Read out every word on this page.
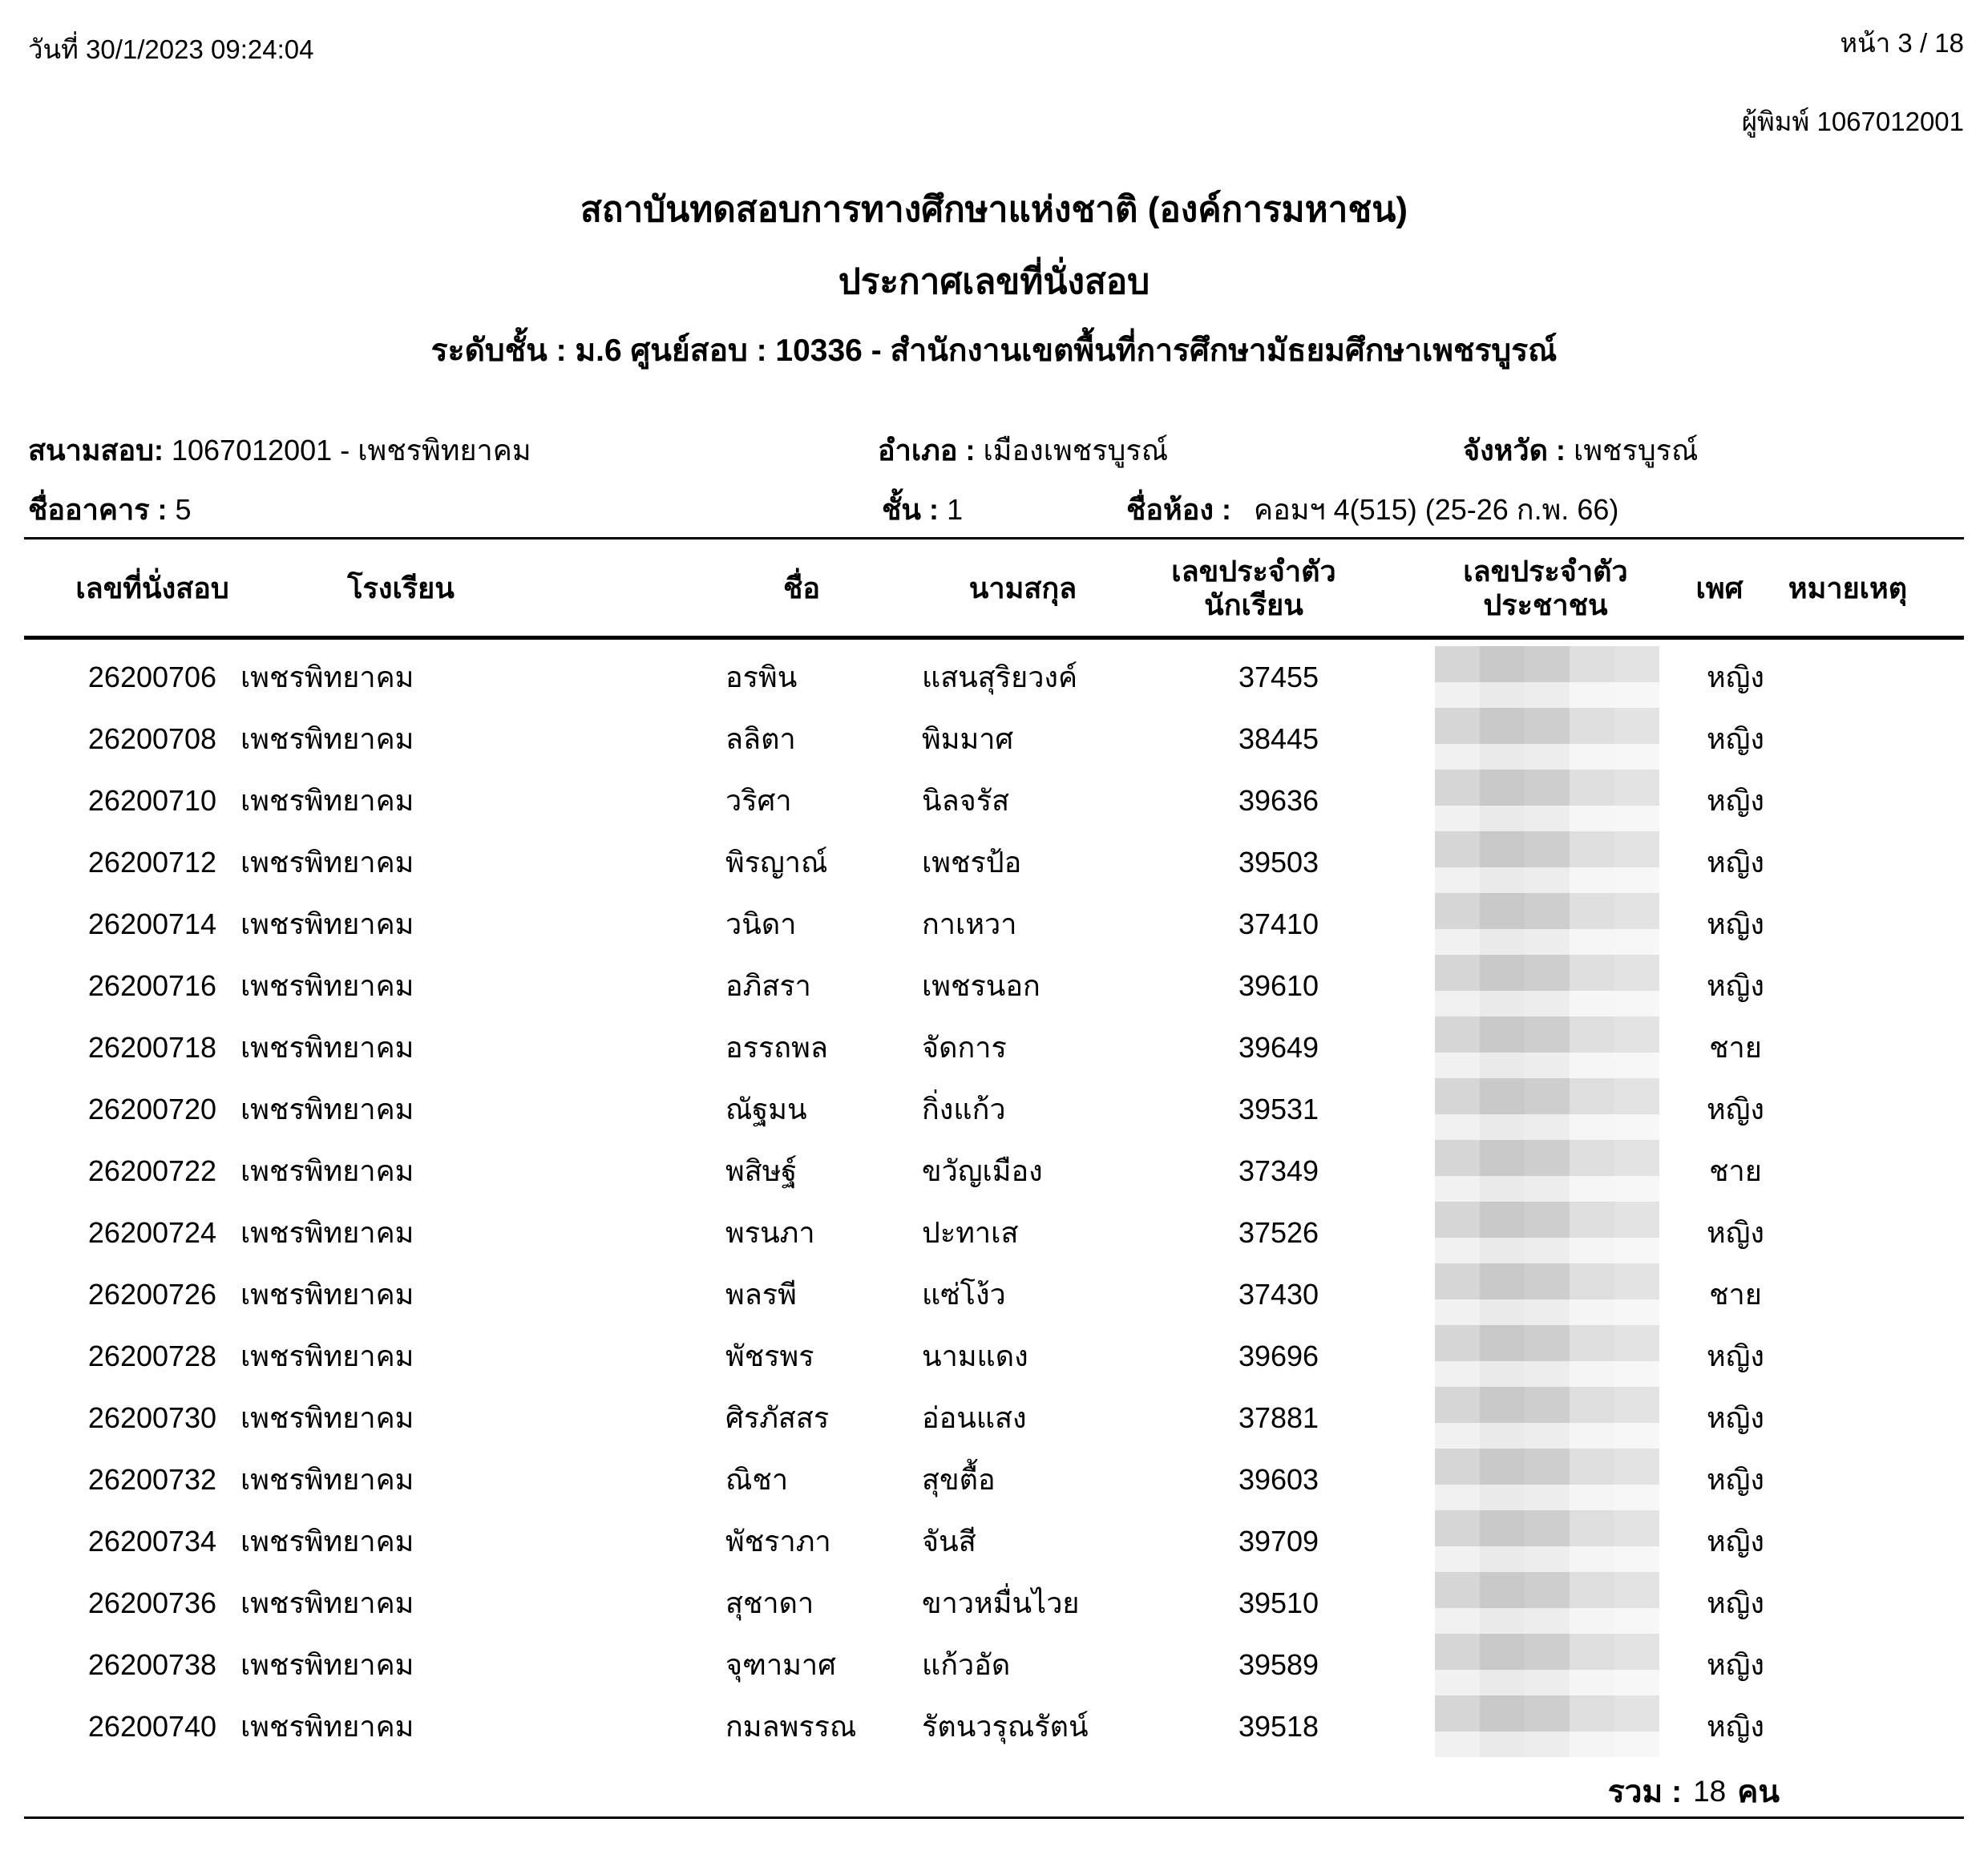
วันที่ 30/1/2023 09:24:04	หน้า 3 / 18
ผู้พิมพ์ 1067012001
สถาบันทดสอบการทางศึกษาแห่งชาติ (องค์การมหาชน)
ประกาศเลขที่นั่งสอบ
ระดับชั้น : ม.6 ศูนย์สอบ : 10336 - สำนักงานเขตพื้นที่การศึกษามัธยมศึกษาเพชรบูรณ์
สนามสอบ: 1067012001 - เพชรพิทยาคม	อำเภอ : เมืองเพชรบูรณ์	จังหวัด : เพชรบูรณ์
ชื่ออาคาร : 5	ชั้น : 1	ชื่อห้อง : คอมฯ 4(515) (25-26 ก.พ. 66)
เลขที่นั่งสอบ	โรงเรียน	ชื่อ	นามสกุล
เลขประจำตัว
นักเรียน
เลขประจำตัว
ประชาชน
เพศ	หมายเหตุ
26200706 เพชรพิทยาคม	อรพิน	แสนสุริยวงค์	37455	หญิง
26200708 เพชรพิทยาคม	ลลิตา	พิมมาศ	38445	หญิง
26200710 เพชรพิทยาคม	วริศา	นิลจรัส	39636	หญิง
26200712 เพชรพิทยาคม	พิรญาณ์	เพชรป้อ	39503	หญิง
26200714 เพชรพิทยาคม	วนิดา	กาเหวา	37410	หญิง
26200716 เพชรพิทยาคม	อภิสรา	เพชรนอก	39610	หญิง
26200718 เพชรพิทยาคม	อรรถพล	จัดการ	39649	ชาย
26200720 เพชรพิทยาคม	ณัฐมน	กิ่งแก้ว	39531	หญิง
26200722 เพชรพิทยาคม	พสิษฐ์	ขวัญเมือง	37349	ชาย
26200724 เพชรพิทยาคม	พรนภา	ปะทาเส	37526	หญิง
26200726 เพชรพิทยาคม	พลรพี	แซ่โง้ว	37430	ชาย
26200728 เพชรพิทยาคม	พัชรพร	นามแดง	39696	หญิง
26200730 เพชรพิทยาคม	ศิรภัสสร	อ่อนแสง	37881	หญิง
26200732 เพชรพิทยาคม	ณิชา	สุขตื้อ	39603	หญิง
26200734 เพชรพิทยาคม	พัชราภา	จันสี	39709	หญิง
26200736 เพชรพิทยาคม	สุชาดา	ขาวหมื่นไวย	39510	หญิง
26200738 เพชรพิทยาคม	จุฑามาศ	แก้วอัด	39589	หญิง
26200740 เพชรพิทยาคม	กมลพรรณ	รัตนวรุณรัตน์	39518	หญิง
รวม : 18 คน
